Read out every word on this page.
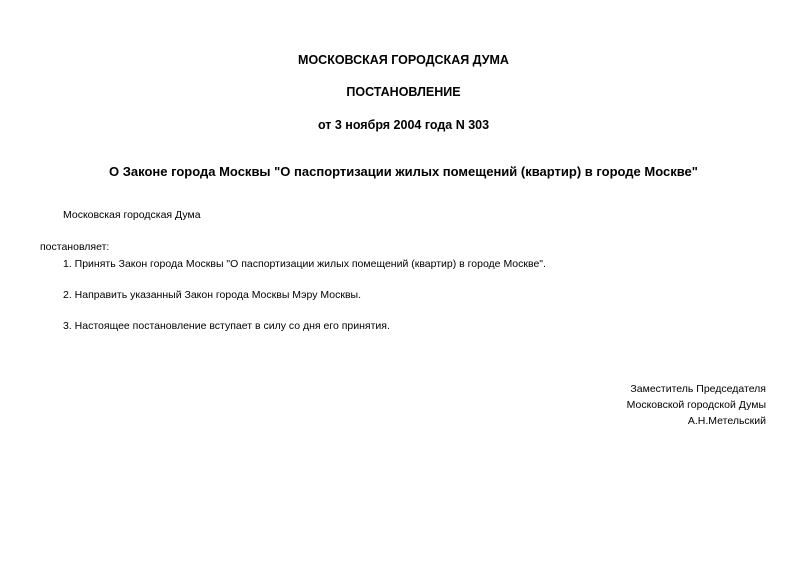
МОСКОВСКАЯ ГОРОДСКАЯ ДУМА
ПОСТАНОВЛЕНИЕ
от 3 ноября 2004 года N 303
О Законе города Москвы "О паспортизации жилых помещений (квартир) в городе Москве"
Московская городская Дума
постановляет:
1. Принять Закон города Москвы "О паспортизации жилых помещений (квартир) в городе Москве".
2. Направить указанный Закон города Москвы Мэру Москвы.
3. Настоящее постановление вступает в силу со дня его принятия.
Заместитель Председателя
Московской городской Думы
А.Н.Метельский
